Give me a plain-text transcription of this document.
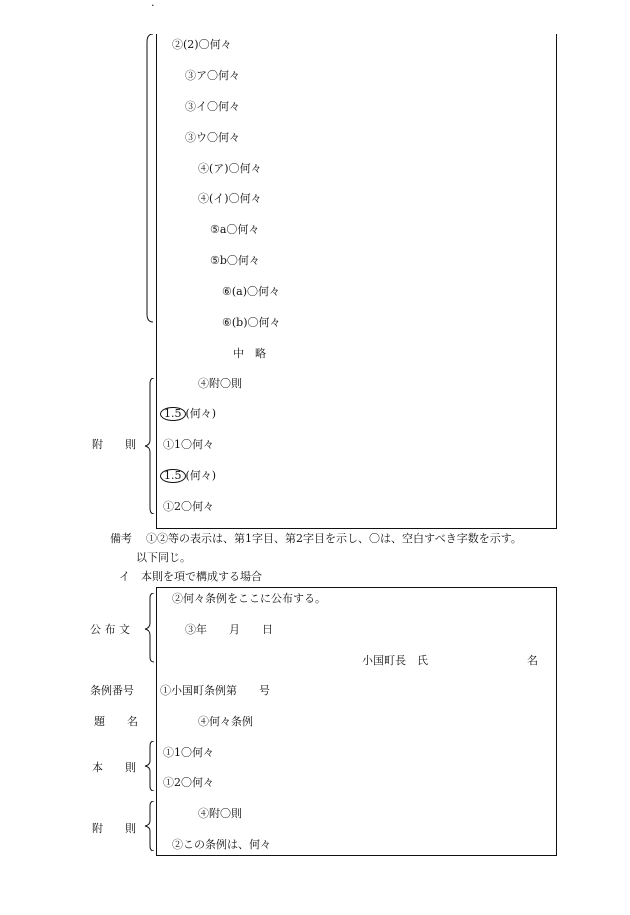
.
②(2)〇何々
③ア〇何々
③イ〇何々
③ウ〇何々
④(ア)〇何々
④(イ)〇何々
⑤a〇何々
⑤b〇何々
⑥(a)〇何々
⑥(b)〇何々
中　略
④附〇則
1.5 (何々)
①1〇何々
1.5 (何々)
①2〇何々
附　　則
備考 ①②等の表示は、第1字目、第2字目を示し、〇は、空白すべき字数を示す。
以下同じ。
イ　本則を項で構成する場合
公 布 文
条例番号
題　　名
本　　則
附　　則
②何々条例をここに公布する。
③年　　月　　日
小国町長　氏	名
①小国町条例第　　号
④何々条例
①1〇何々
①2〇何々
④附〇則
②この条例は、何々
